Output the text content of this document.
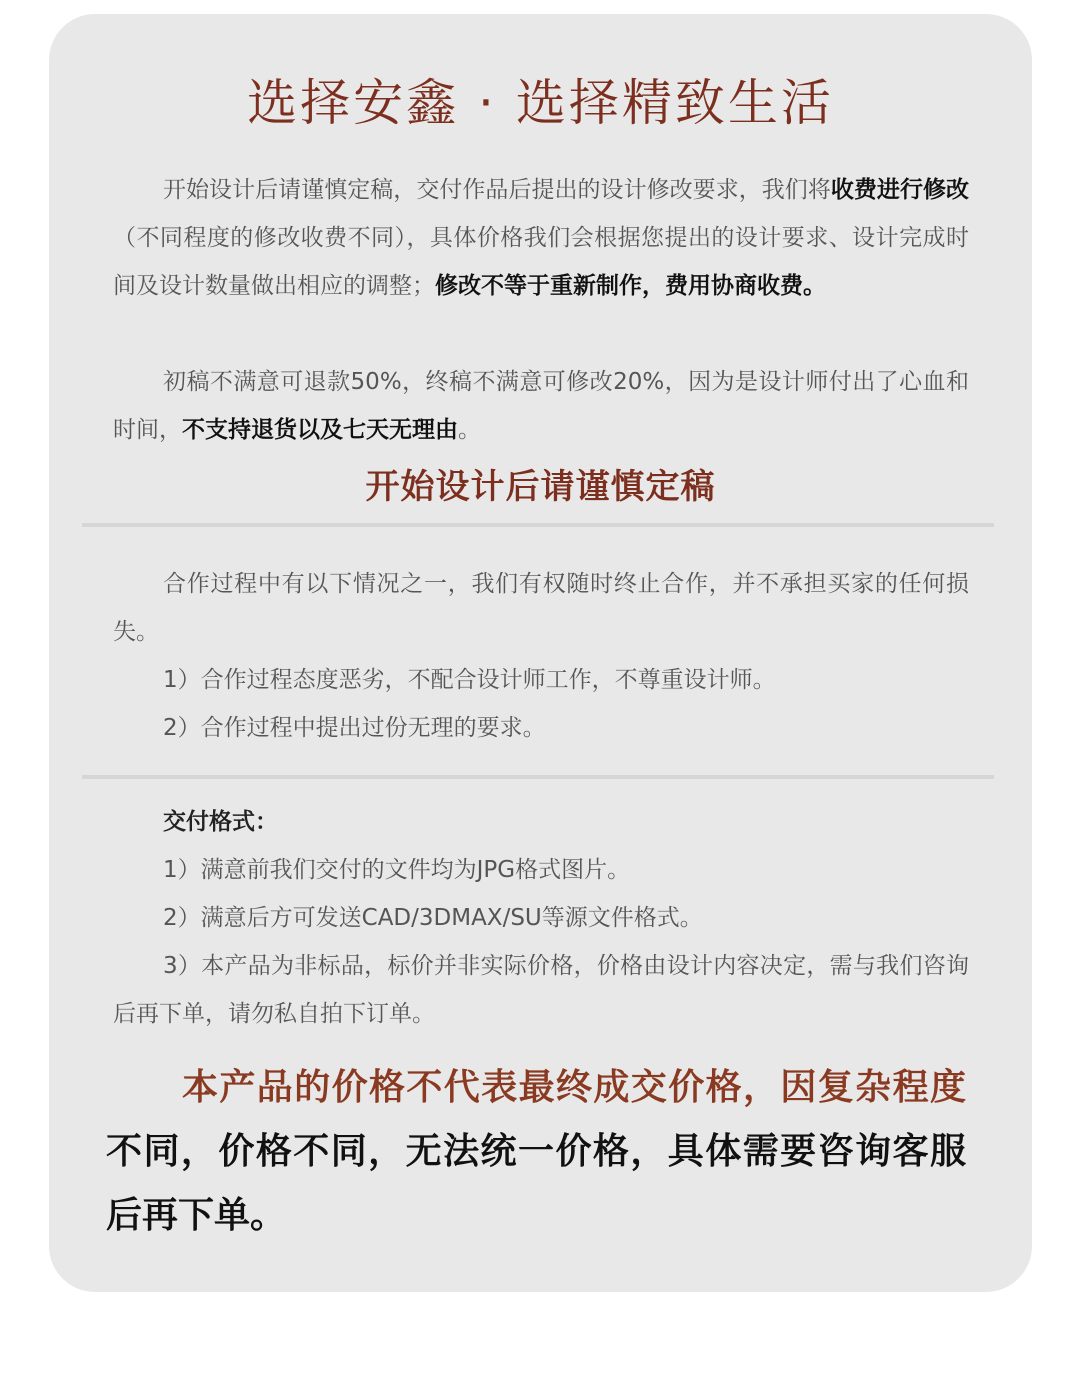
选择安鑫 · 选择精致生活

开始设计后请谨慎定稿，交付作品后提出的设计修改要求，我们将收费进行修改（不同程度的修改收费不同），具体价格我们会根据您提出的设计要求、设计完成时间及设计数量做出相应的调整；修改不等于重新制作，费用协商收费。

初稿不满意可退款50%，终稿不满意可修改20%，因为是设计师付出了心血和时间，不支持退货以及七天无理由。

开始设计后请谨慎定稿

合作过程中有以下情况之一，我们有权随时终止合作，并不承担买家的任何损失。

1）合作过程态度恶劣，不配合设计师工作，不尊重设计师。

2）合作过程中提出过份无理的要求。

交付格式：

1）满意前我们交付的文件均为JPG格式图片。

2）满意后方可发送CAD/3DMAX/SU等源文件格式。

3）本产品为非标品，标价并非实际价格，价格由设计内容决定，需与我们咨询后再下单，请勿私自拍下订单。

本产品的价格不代表最终成交价格，因复杂程度不同，价格不同，无法统一价格，具体需要咨询客服后再下单。
